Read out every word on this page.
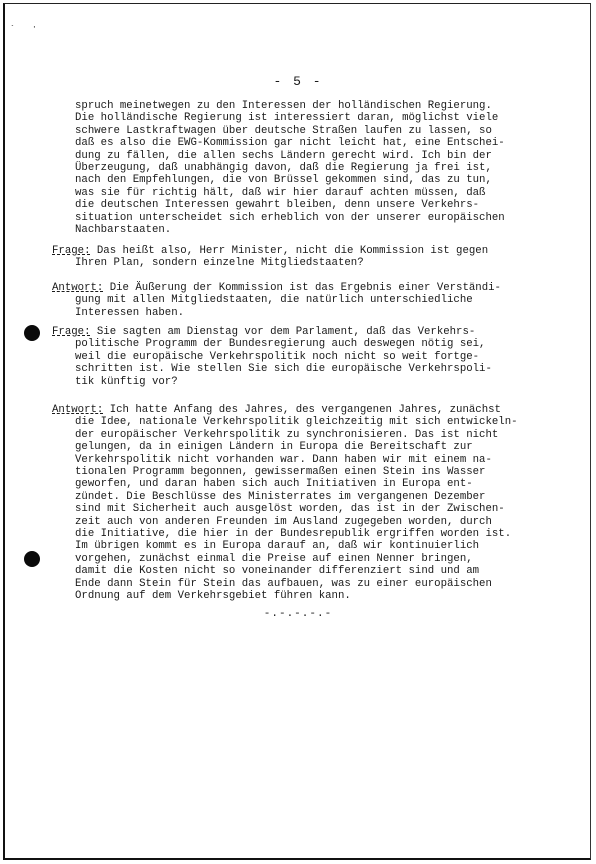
´ ·
- 5 -
spruch meinetwegen zu den Interessen der holländischen Regierung.
Die holländische Regierung ist interessiert daran, möglichst viele
schwere Lastkraftwagen über deutsche Straßen laufen zu lassen, so
daß es also die EWG-Kommission gar nicht leicht hat, eine Entschei-
dung zu fällen, die allen sechs Ländern gerecht wird. Ich bin der
Überzeugung, daß unabhängig davon, daß die Regierung ja frei ist,
nach den Empfehlungen, die von Brüssel gekommen sind, das zu tun,
was sie für richtig hält, daß wir hier darauf achten müssen, daß
die deutschen Interessen gewahrt bleiben, denn unsere Verkehrs-
situation unterscheidet sich erheblich von der unserer europäischen
Nachbarstaaten.
Frage: Das heißt also, Herr Minister, nicht die Kommission ist gegen
Ihren Plan, sondern einzelne Mitgliedstaaten?
Antwort: Die Äußerung der Kommission ist das Ergebnis einer Verständi-
gung mit allen Mitgliedstaaten, die natürlich unterschiedliche
Interessen haben.
Frage: Sie sagten am Dienstag vor dem Parlament, daß das Verkehrs-
politische Programm der Bundesregierung auch deswegen nötig sei,
weil die europäische Verkehrspolitik noch nicht so weit fortge-
schritten ist. Wie stellen Sie sich die europäische Verkehrspoli-
tik künftig vor?
Antwort: Ich hatte Anfang des Jahres, des vergangenen Jahres, zunächst
die Idee, nationale Verkehrspolitik gleichzeitig mit sich entwickeln-
der europäischer Verkehrspolitik zu synchronisieren. Das ist nicht
gelungen, da in einigen Ländern in Europa die Bereitschaft zur
Verkehrspolitik nicht vorhanden war. Dann haben wir mit einem na-
tionalen Programm begonnen, gewissermaßen einen Stein ins Wasser
geworfen, und daran haben sich auch Initiativen in Europa ent-
zündet. Die Beschlüsse des Ministerrates im vergangenen Dezember
sind mit Sicherheit auch ausgelöst worden, das ist in der Zwischen-
zeit auch von anderen Freunden im Ausland zugegeben worden, durch
die Initiative, die hier in der Bundesrepublik ergriffen worden ist.
Im übrigen kommt es in Europa darauf an, daß wir kontinuierlich
vorgehen, zunächst einmal die Preise auf einen Nenner bringen,
damit die Kosten nicht so voneinander differenziert sind und am
Ende dann Stein für Stein das aufbauen, was zu einer europäischen
Ordnung auf dem Verkehrsgebiet führen kann.
-.-.-.-.-
